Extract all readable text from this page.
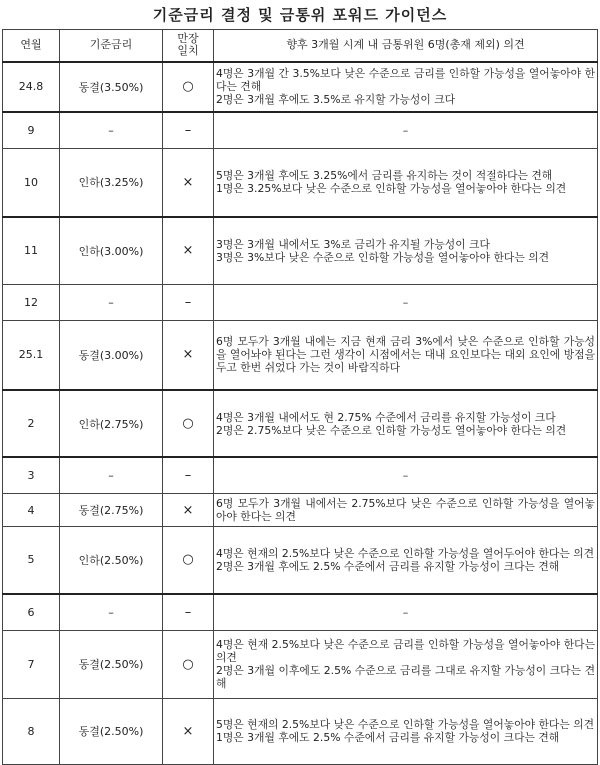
기준금리 결정 및 금통위 포워드 가이던스
연월	기준금리	만장 일치	향후 3개월 시계 내 금통위원 6명(총재 제외) 의견
24.8	동결(3.50%)	○	4명은 3개월 간 3.5%보다 낮은 수준으로 금리를 인하할 가능성을 열어놓아야 한다는 견해

2명은 3개월 후에도 3.5%로 유지할 가능성이 크다

9	–	–	–

10	인하(3.25%)	×	5명은 3개월 후에도 3.25%에서 금리를 유지하는 것이 적절하다는 견해

1명은 3.25%보다 낮은 수준으로 인하할 가능성을 열어놓아야 한다는 의견

11	인하(3.00%)	×	3명은 3개월 내에서도 3%로 금리가 유지될 가능성이 크다

3명은 3%보다 낮은 수준으로 인하할 가능성을 열어놓아야 한다는 의견

12	–	–	–

25.1	동결(3.00%)	×	6명 모두가 3개월 내에는 지금 현재 금리 3%에서 낮은 수준으로 인하할 가능성을 열어놔야 된다는 그런 생각이 시점에서는 대내 요인보다는 대외 요인에 방점을 두고 한번 쉬었다 가는 것이 바람직하다

2	인하(2.75%)	○	4명은 3개월 내에서도 현 2.75% 수준에서 금리를 유지할 가능성이 크다

2명은 2.75%보다 낮은 수준으로 인하할 가능성도 열어놓아야 한다는 의견

3	–	–	–

4	동결(2.75%)	×	6명 모두가 3개월 내에서는 2.75%보다 낮은 수준으로 인하할 가능성을 열어놓아야 한다는 의견

5	인하(2.50%)	○	4명은 현재의 2.5%보다 낮은 수준으로 인하할 가능성을 열어두어야 한다는 의견

2명은 3개월 후에도 2.5% 수준에서 금리를 유지할 가능성이 크다는 견해

6	–	–	–

7	동결(2.50%)	○	4명은 현재 2.5%보다 낮은 수준으로 금리를 인하할 가능성을 열어놓아야 한다는 의견

2명은 3개월 이후에도 2.5% 수준으로 금리를 그대로 유지할 가능성이 크다는 견해

8	동결(2.50%)	×	5명은 현재의 2.5%보다 낮은 수준으로 인하할 가능성을 열어놓아야 한다는 의견

1명은 3개월 후에도 2.5% 수준에서 금리를 유지할 가능성이 크다는 견해
